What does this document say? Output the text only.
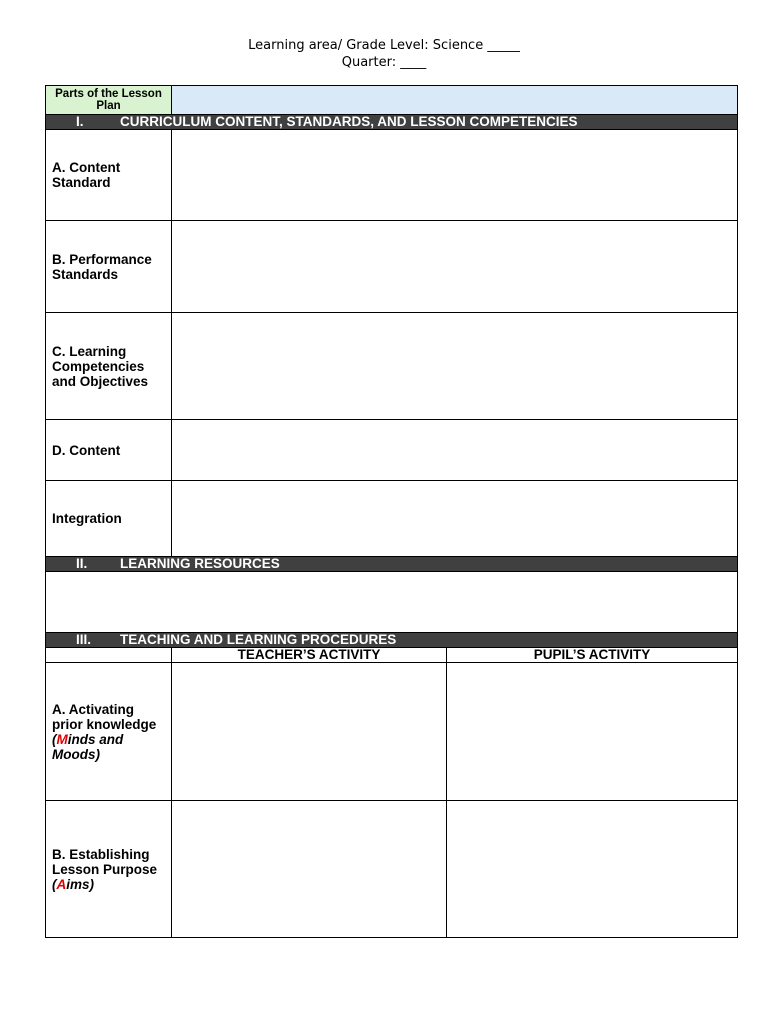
Learning area/ Grade Level: Science _____
Quarter: ____
Parts of the Lesson Plan		
I. CURRICULUM CONTENT, STANDARDS, AND LESSON COMPETENCIES		
A. Content Standard		
B. Performance Standards		
C. Learning Competencies and Objectives		
D. Content		
Integration		
II. LEARNING RESOURCES		

III. TEACHING AND LEARNING PROCEDURES		
	TEACHER’S ACTIVITY	PUPIL’S ACTIVITY
A. Activating prior knowledge
(Minds and Moods)		
B. Establishing Lesson Purpose
(Aims)		
